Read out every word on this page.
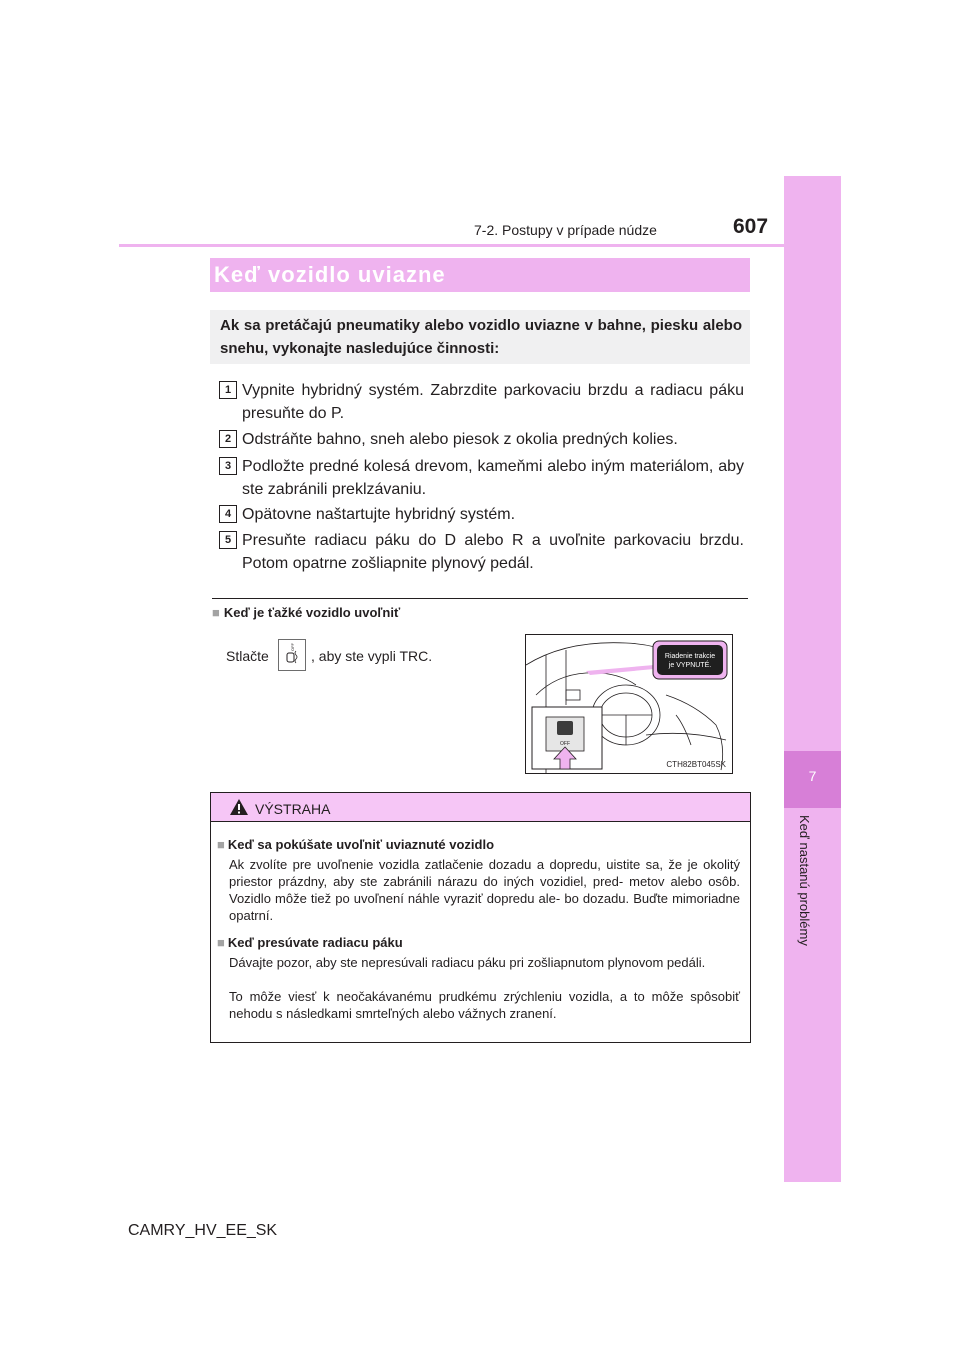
7
Keď nastanú problémy
7-2. Postupy v prípade núdze	607
Keď vozidlo uviazne

Ak sa pretáčajú pneumatiky alebo vozidlo uviazne v bahne, piesku alebo snehu, vykonajte nasledujúce činnosti:

1 Vypnite hybridný systém. Zabrzdite parkovaciu brzdu a radiacu páku presuňte do P.

2 Odstráňte bahno, sneh alebo piesok z okolia predných kolies.

3 Podložte predné kolesá drevom, kameňmi alebo iným materiálom, aby ste zabránili preklzávaniu.

4 Opätovne naštartujte hybridný systém.

5 Presuňte radiacu páku do D alebo R a uvoľnite parkovaciu brzdu. Potom opatrne zošliapnite plynový pedál.

■ Keď je ťažké vozidlo uvoľniť
Stlačte
OFF
, aby ste vypli TRC.	Riadenie trakcie
je VYPNUTÉ.
OFF
CTH82BT045SK
VÝSTRAHA
■ Keď sa pokúšate uvoľniť uviaznuté vozidlo

Ak zvolíte pre uvoľnenie vozidla zatlačenie dozadu a dopredu, uistite sa, že je okolitý priestor prázdny, aby ste zabránili nárazu do iných vozidiel, pred- metov alebo osôb. Vozidlo môže tiež po uvoľnení náhle vyraziť dopredu ale- bo dozadu. Buďte mimoriadne opatrní.

■ Keď presúvate radiacu páku

Dávajte pozor, aby ste nepresúvali radiacu páku pri zošliapnutom plynovom pedáli.

To môže viesť k neočakávanému prudkému zrýchleniu vozidla, a to môže spôsobiť nehodu s následkami smrteľných alebo vážnych zranení.

CAMRY_HV_EE_SK
